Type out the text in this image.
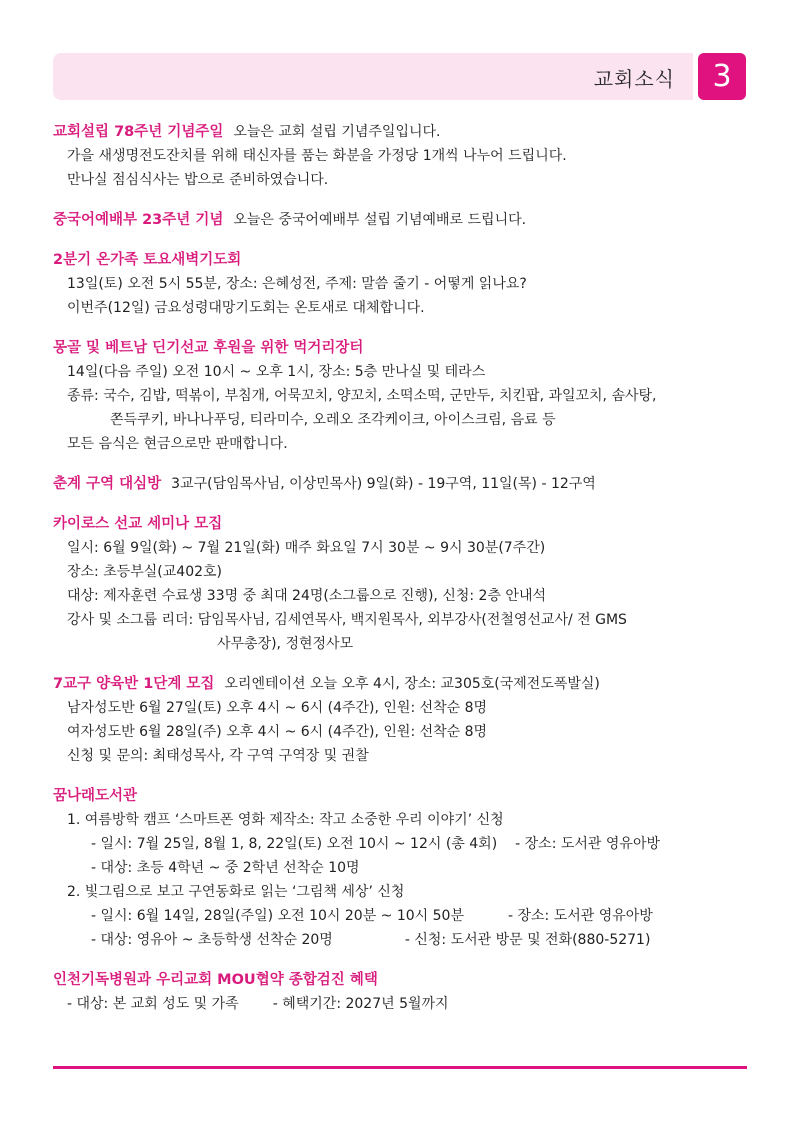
교회소식	3
교회설립 78주년 기념주일 오늘은 교회 설립 기념주일입니다.
가을 새생명전도잔치를 위해 태신자를 품는 화분을 가정당 1개씩 나누어 드립니다.
만나실 점심식사는 밥으로 준비하였습니다.
중국어예배부 23주년 기념 오늘은 중국어예배부 설립 기념예배로 드립니다.
2분기 온가족 토요새벽기도회
13일(토) 오전 5시 55분, 장소: 은혜성전, 주제: 말씀 줄기 - 어떻게 읽나요?
이번주(12일) 금요성령대망기도회는 온토새로 대체합니다.
몽골 및 베트남 딘기선교 후원을 위한 먹거리장터
14일(다음 주일) 오전 10시 ~ 오후 1시, 장소: 5층 만나실 및 테라스
종류: 국수, 김밥, 떡볶이, 부침개, 어묵꼬치, 양꼬치, 소떡소떡, 군만두, 치킨팝, 과일꼬치, 솜사탕,
쫀득쿠키, 바나나푸딩, 티라미수, 오레오 조각케이크, 아이스크림, 음료 등
모든 음식은 현금으로만 판매합니다.
춘계 구역 대심방 3교구(담임목사님, 이상민목사) 9일(화) - 19구역, 11일(목) - 12구역
카이로스 선교 세미나 모집
일시: 6월 9일(화) ~ 7월 21일(화) 매주 화요일 7시 30분 ~ 9시 30분(7주간)
장소: 초등부실(교402호)
대상: 제자훈련 수료생 33명 중 최대 24명(소그룹으로 진행), 신청: 2층 안내석
강사 및 소그룹 리더: 담임목사님, 김세연목사, 백지원목사, 외부강사(전철영선교사/ 전 GMS
사무총장), 정현정사모
7교구 양육반 1단계 모집 오리엔테이션 오늘 오후 4시, 장소: 교305호(국제전도폭발실)
남자성도반 6월 27일(토) 오후 4시 ~ 6시 (4주간), 인원: 선착순 8명
여자성도반 6월 28일(주) 오후 4시 ~ 6시 (4주간), 인원: 선착순 8명
신청 및 문의: 최태성목사, 각 구역 구역장 및 권찰
꿈나래도서관
1. 여름방학 캠프 ‘스마트폰 영화 제작소: 작고 소중한 우리 이야기’ 신청
- 일시: 7월 25일, 8월 1, 8, 22일(토) 오전 10시 ~ 12시 (총 4회) - 장소: 도서관 영유아방
- 대상: 초등 4학년 ~ 중 2학년 선착순 10명
2. 빛그림으로 보고 구연동화로 읽는 ‘그림책 세상’ 신청
- 일시: 6월 14일, 28일(주일) 오전 10시 20분 ~ 10시 50분	- 장소: 도서관 영유아방
- 대상: 영유아 ~ 초등학생 선착순 20명	- 신청: 도서관 방문 및 전화(880-5271)
인천기독병원과 우리교회 MOU협약 종합검진 혜택
- 대상: 본 교회 성도 및 가족 - 혜택기간: 2027년 5월까지
